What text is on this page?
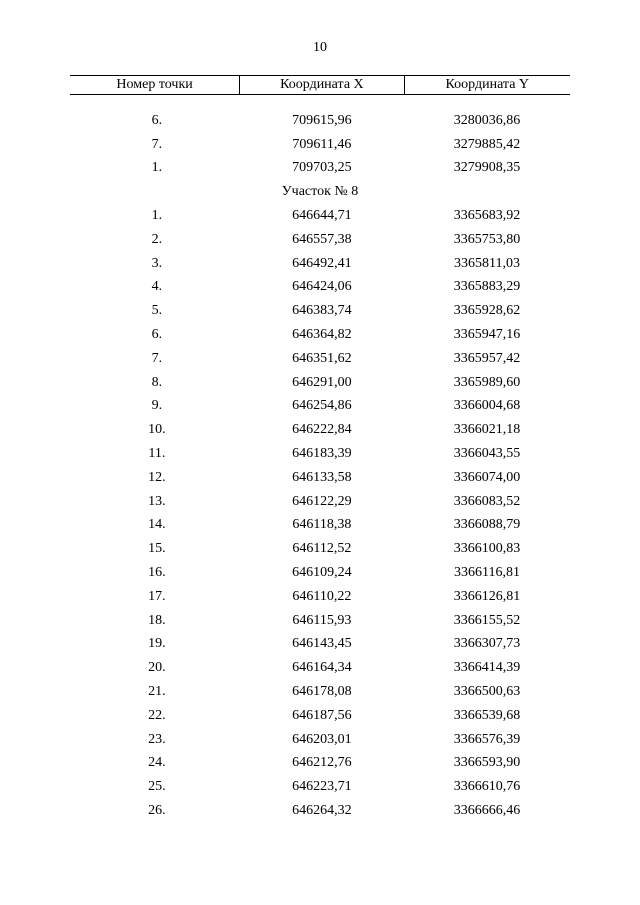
10
Номер точки	Координата X	Координата Y

6.	709615,96	3280036,86
7.	709611,46	3279885,42
1.	709703,25	3279908,35
Участок № 8		
1.	646644,71	3365683,92
2.	646557,38	3365753,80
3.	646492,41	3365811,03
4.	646424,06	3365883,29
5.	646383,74	3365928,62
6.	646364,82	3365947,16
7.	646351,62	3365957,42
8.	646291,00	3365989,60
9.	646254,86	3366004,68
10.	646222,84	3366021,18
11.	646183,39	3366043,55
12.	646133,58	3366074,00
13.	646122,29	3366083,52
14.	646118,38	3366088,79
15.	646112,52	3366100,83
16.	646109,24	3366116,81
17.	646110,22	3366126,81
18.	646115,93	3366155,52
19.	646143,45	3366307,73
20.	646164,34	3366414,39
21.	646178,08	3366500,63
22.	646187,56	3366539,68
23.	646203,01	3366576,39
24.	646212,76	3366593,90
25.	646223,71	3366610,76
26.	646264,32	3366666,46
